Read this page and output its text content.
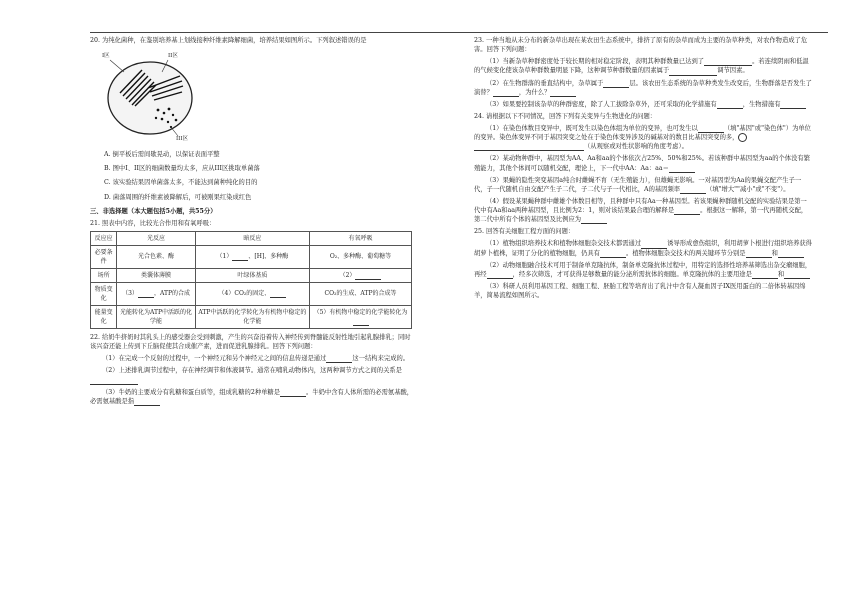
20. 为纯化菌种，在鉴别培养基上划线接种纤维素降解细菌，培养结果如图所示。下列叙述错误的是

I区	II区
III区

A. 倒平板后需间歇晃动，以保证表面平整

B. 图中I、II区的细菌数量均太多，应从III区挑取单菌落

C. 该实验结果因单菌落太多，不能达到菌种纯化的目的

D. 菌落周围的纤维素被降解后，可被刚果红染成红色

三、非选择题（本大题包括5小题，共55分）

21. 照表中内容，比较光合作用和有氧呼吸：

反应应	光反应	暗反应	有氧呼吸
必要条件	光合色素、酶	（1） 、[H]、多种酶	O₂、多种酶、葡萄糖等
场所	类囊体薄膜	叶绿体基质	（2）
物质变化	（3） ，ATP的合成	（4）CO₂的固定、	CO₂的生成、ATP的合成等
能量变化	光能转化为ATP中活跃的化学能	ATP中活跃的化学转化为有机物中稳定的化学能	（5）有机物中稳定的化学能转化为

22. 给奶牛挤奶时其乳头上的感受器会受到刺激，产生的兴奋沿着传入神经传到脊髓能反射性地引起乳腺排乳；同时该兴奋还能上传到下丘脑促使其合成催产素，进而促进乳腺排乳。回答下列问题：

（1）在完成一个反射的过程中，一个神经元和另个神经元之间的信息传递是通过	这一结构来完成的。

（2）上述排乳调节过程中，存在神经调节和体液调节。通常在哺乳动物体内，这两种调节方式之间的关系是

（3）牛奶的主要成分有乳糖和蛋白质等，组成乳糖的2种单糖是	。牛奶中含有人体所需的必需氨基酸，必需氨基酸是指

23. 一种当地从未分布的新杂草出现在某农田生态系统中，排挤了原有的杂草而成为主要的杂草种类，对农作物造成了危害。回答下列问题：

（1）当新杂草种群密度处于较长期的相对稳定阶段，表明其种群数量已达到了	。若连续阴雨和低温的气候变化使该杂草种群数量明显下降，这种调节种群数量的因素属于	调节因素。

（2）在生物群落的垂直结构中，杂草属于	层。该农田生态系统的杂草种类发生改变后，生物群落是否发生了演替？	，为什么？

（3）如果要控制该杂草的种群密度，除了人工拔除杂草外，还可采取的化学措施有	，生物措施有

24. 请根据以下不同情况，回答下列有关变异与生物进化的问题：

（1）在染色体数目变异中，既可发生以染色体组为单位的变异，也可发生以	（填"基因"或"染色体"）为单位的变异。染色体变异不同于基因突变之处在于染色体变异涉及的碱基对的数目比基因突变的多，（从观察或对性状影响的角度考虑）。

（2）某动物种群中，基因型为AA、Aa和aa的个体依次占25%、50%和25%。若该种群中基因型为aa的个体没有繁殖能力，其他个体间可以随机交配，理论上，下一代中AA：Aa：aa＝

（3）果蝇的隐性突变基因a纯合时雌蝇不育（无生殖能力），但雄蝇无影响。一对基因型为Aa的果蝇交配产生子一代，子一代随机自由交配产生子二代，子二代与子一代相比，A的基因频率	（填"增大""减小"或"不变"）。

（4）假设某果蝇种群中雌雄个体数目相等，且种群中只有Aa一种基因型。若该果蝇种群随机交配的实验结果是第一代中有Aa和aa两种基因型，且比例为2：1，则对该结果最合理的解释是	。根据这一解释，第一代再随机交配，第二代中所有个体的基因型及比例应为

25. 回答有关细胞工程方面的问题：

（1）植物组织培养技术和植物体细胞杂交技术都需通过	诱导形成愈伤组织，利用胡萝卜根进行组织培养获得胡萝卜植株，证明了分化的植物细胞，仍具有	。植物体细胞杂交技术的两关键环节分别是	和

（2）动物细胞融合技术可用于制备单克隆抗体，制备单克隆抗体过程中，用特定的选择性培养基筛选出杂交瘤细胞，再经	，经多次筛选，才可获得足够数量的能分泌所需抗体的细胞。单克隆抗体的主要用途是	和

（3）科研人员利用基因工程、细胞工程、胚胎工程等培育出了乳汁中含有人凝血因子IX医用蛋白的二倍体转基因绵羊，简易流程如图所示。
